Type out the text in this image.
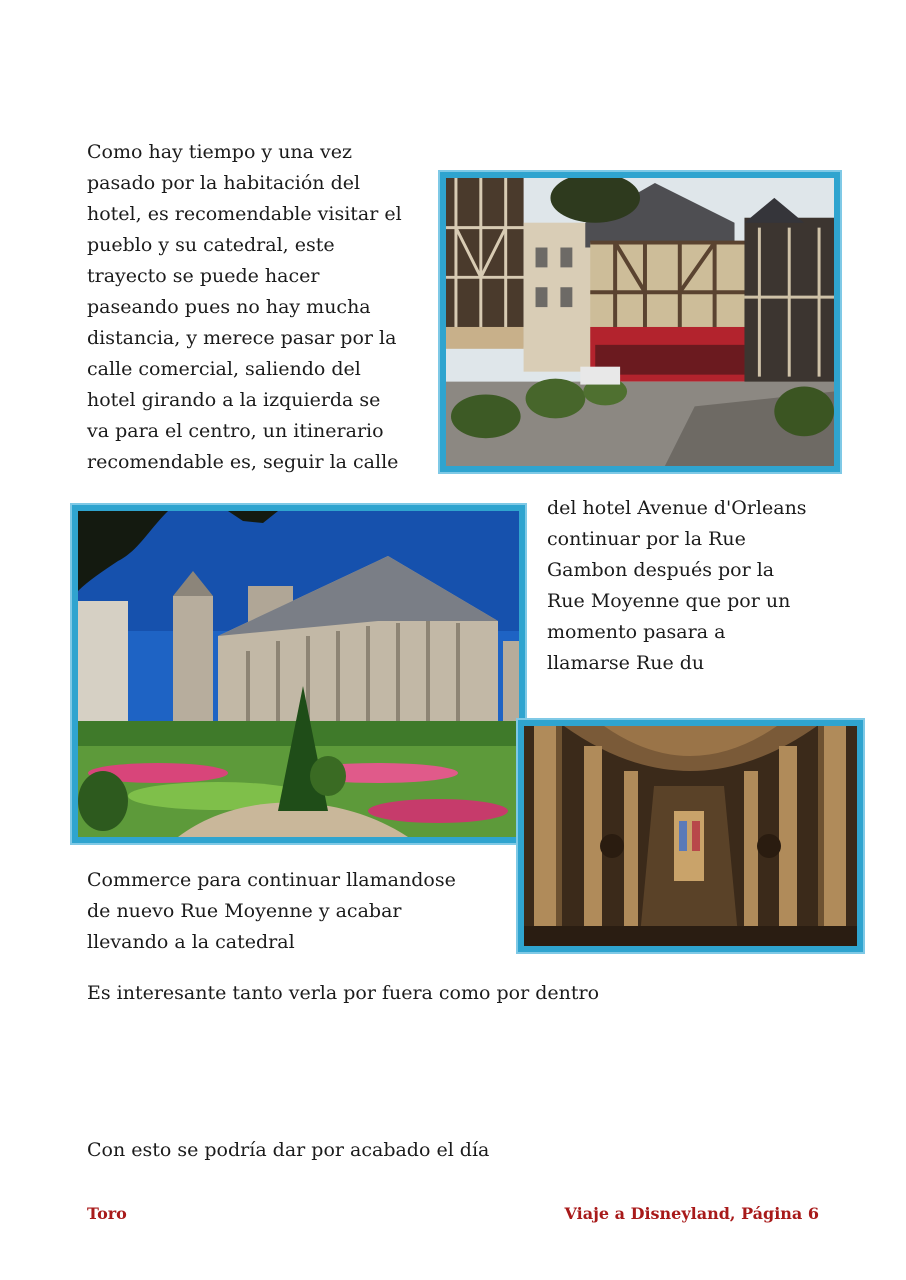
Como hay tiempo y una vez
pasado por la habitación del
hotel, es recomendable visitar el
pueblo y su catedral, este
trayecto se puede hacer
paseando pues no hay mucha
distancia, y merece pasar por la
calle comercial, saliendo del
hotel girando a la izquierda se
va para el centro, un itinerario
recomendable es, seguir la calle

del hotel Avenue d'Orleans
continuar por la Rue
Gambon después por la
Rue Moyenne que por un
momento pasara a
llamarse Rue du

Commerce para continuar llamandose
de nuevo Rue Moyenne y acabar
llevando a la catedral

Es interesante tanto verla por fuera como por dentro

Con esto se podría dar por acabado el día

Toro	Viaje a Disneyland, Página 6
